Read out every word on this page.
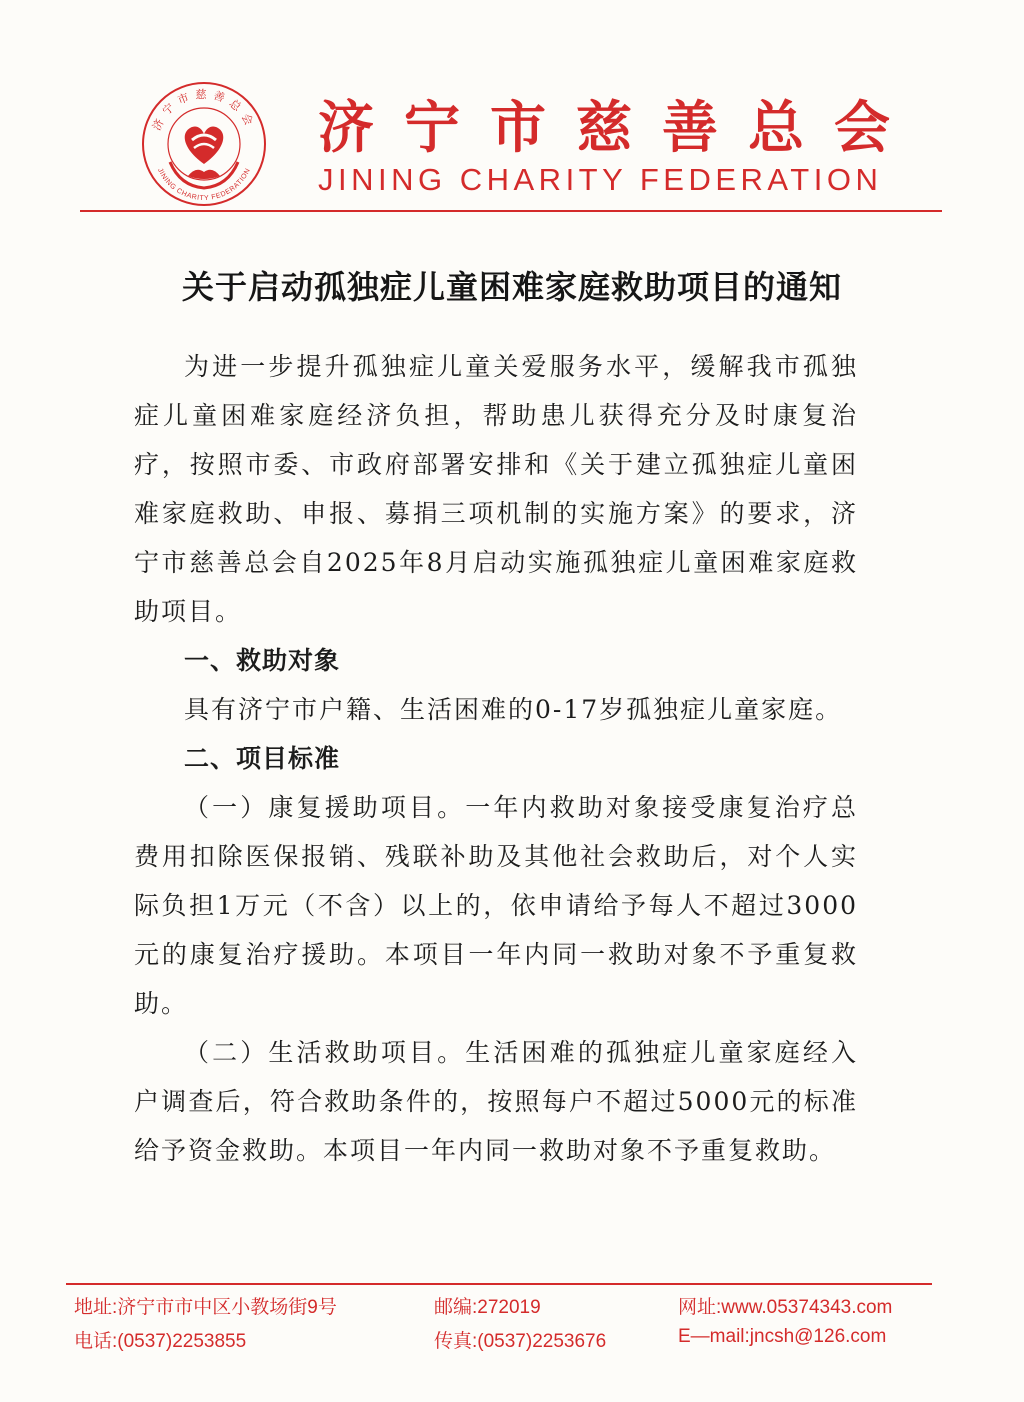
济宁市慈善总会
JINING CHARITY FEDERATION
济宁市慈善总会
JINING CHARITY FEDERATION
关于启动孤独症儿童困难家庭救助项目的通知

为进一步提升孤独症儿童关爱服务水平，缓解我市孤独症儿童困难家庭经济负担，帮助患儿获得充分及时康复治疗，按照市委、市政府部署安排和《关于建立孤独症儿童困难家庭救助、申报、募捐三项机制的实施方案》的要求，济宁市慈善总会自2025年8月启动实施孤独症儿童困难家庭救助项目。

一、救助对象

具有济宁市户籍、生活困难的0-17岁孤独症儿童家庭。

二、项目标准

（一）康复援助项目。一年内救助对象接受康复治疗总费用扣除医保报销、残联补助及其他社会救助后，对个人实际负担1万元（不含）以上的，依申请给予每人不超过3000元的康复治疗援助。本项目一年内同一救助对象不予重复救助。

（二）生活救助项目。生活困难的孤独症儿童家庭经入户调查后，符合救助条件的，按照每户不超过5000元的标准给予资金救助。本项目一年内同一救助对象不予重复救助。

地址:济宁市市中区小教场街9号	邮编:272019	网址:www.05374343.com
电话:(0537)2253855	传真:(0537)2253676	E—mail:jncsh@126.com
